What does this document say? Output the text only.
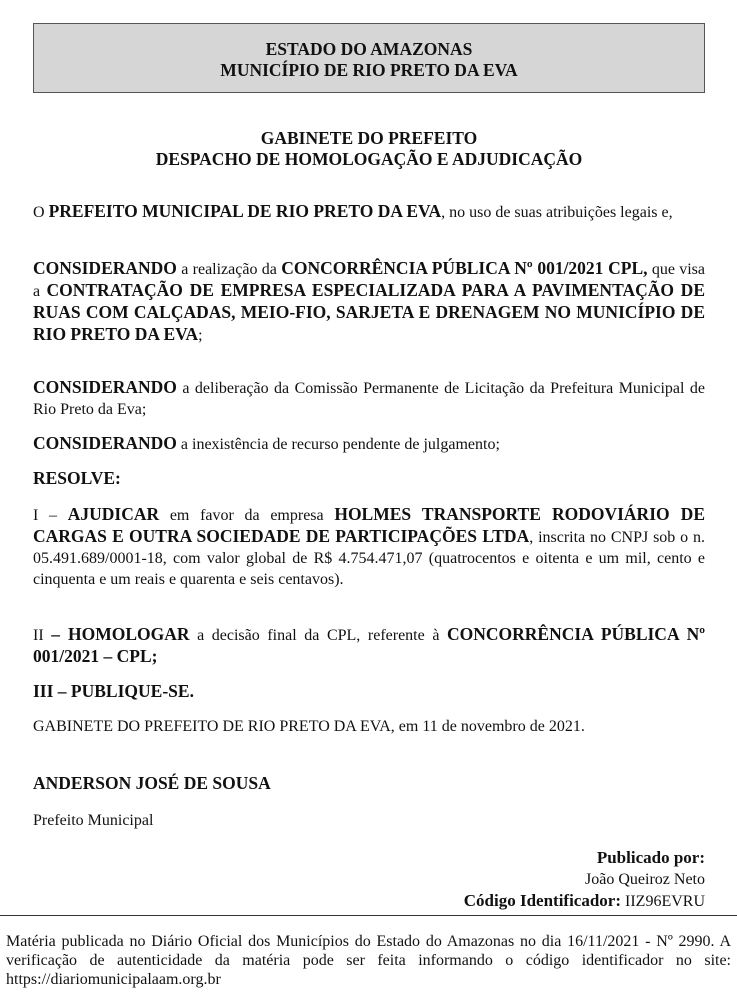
ESTADO DO AMAZONAS
MUNICÍPIO DE RIO PRETO DA EVA
GABINETE DO PREFEITO
DESPACHO DE HOMOLOGAÇÃO E ADJUDICAÇÃO
O PREFEITO MUNICIPAL DE RIO PRETO DA EVA, no uso de suas atribuições legais e,
CONSIDERANDO a realização da CONCORRÊNCIA PÚBLICA Nº 001/2021 CPL, que visa a CONTRATAÇÃO DE EMPRESA ESPECIALIZADA PARA A PAVIMENTAÇÃO DE RUAS COM CALÇADAS, MEIO-FIO, SARJETA E DRENAGEM NO MUNICÍPIO DE RIO PRETO DA EVA;
CONSIDERANDO a deliberação da Comissão Permanente de Licitação da Prefeitura Municipal de Rio Preto da Eva;
CONSIDERANDO a inexistência de recurso pendente de julgamento;
RESOLVE:
I – AJUDICAR em favor da empresa HOLMES TRANSPORTE RODOVIÁRIO DE CARGAS E OUTRA SOCIEDADE DE PARTICIPAÇÕES LTDA, inscrita no CNPJ sob o n. 05.491.689/0001-18, com valor global de R$ 4.754.471,07 (quatrocentos e oitenta e um mil, cento e cinquenta e um reais e quarenta e seis centavos).
II – HOMOLOGAR a decisão final da CPL, referente à CONCORRÊNCIA PÚBLICA Nº 001/2021 – CPL;
III – PUBLIQUE-SE.
GABINETE DO PREFEITO DE RIO PRETO DA EVA, em 11 de novembro de 2021.
ANDERSON JOSÉ DE SOUSA
Prefeito Municipal
Publicado por:
João Queiroz Neto
Código Identificador: IIZ96EVRU
Matéria publicada no Diário Oficial dos Municípios do Estado do Amazonas no dia 16/11/2021 - Nº 2990. A verificação de autenticidade da matéria pode ser feita informando o código identificador no site: https://diariomunicipalaam.org.br
